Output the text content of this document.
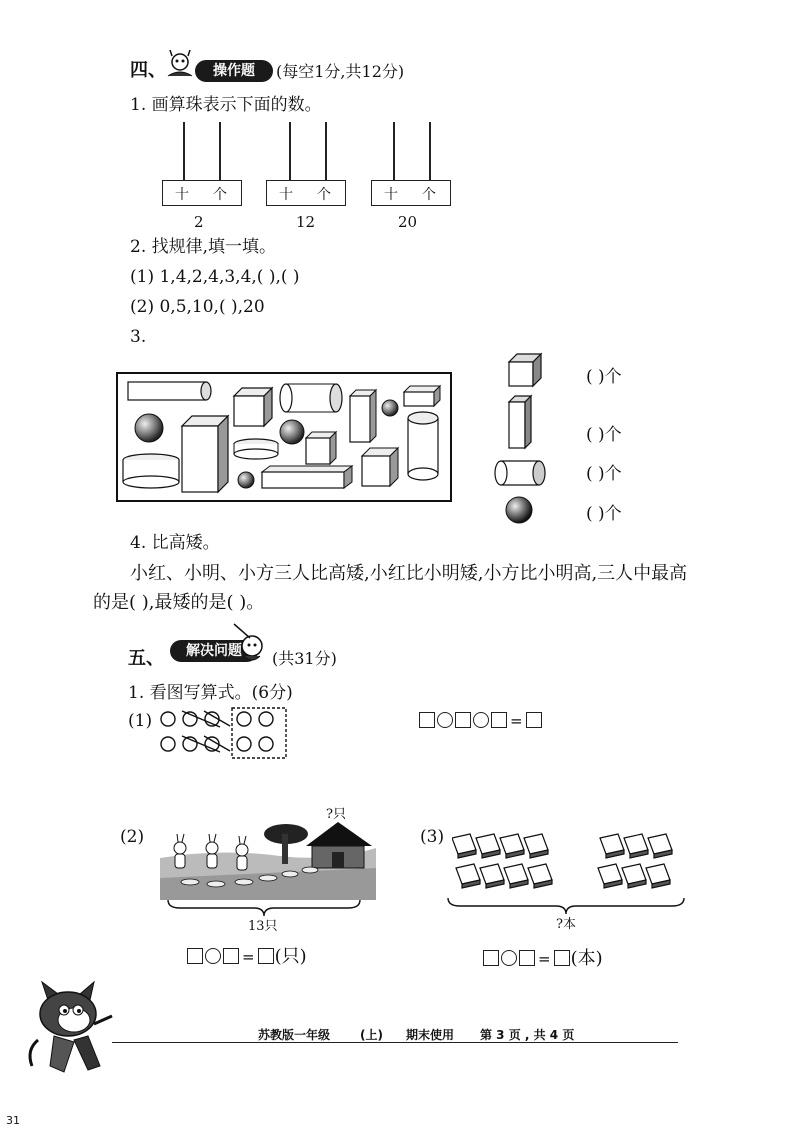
四、	操作题	(每空1分,共12分)
1. 画算珠表示下面的数。
十 个
2
十 个
12
十 个
20
2. 找规律,填一填。
(1) 1,4,2,4,3,4,( ),( )
(2) 0,5,10,( ),20
3.
( )个
( )个
( )个
( )个
4. 比高矮。
小红、小明、小方三人比高矮,小红比小明矮,小方比小明高,三人中最高
的是( ),最矮的是( )。
五、	解决问题	(共31分)
1. 看图写算式。(6分)
(1)	=
(2)
?只
13只
= (只)
(3)
?本
= (本)
苏教版一年级 (上) 期末使用 第 3 页 , 共 4 页
31
